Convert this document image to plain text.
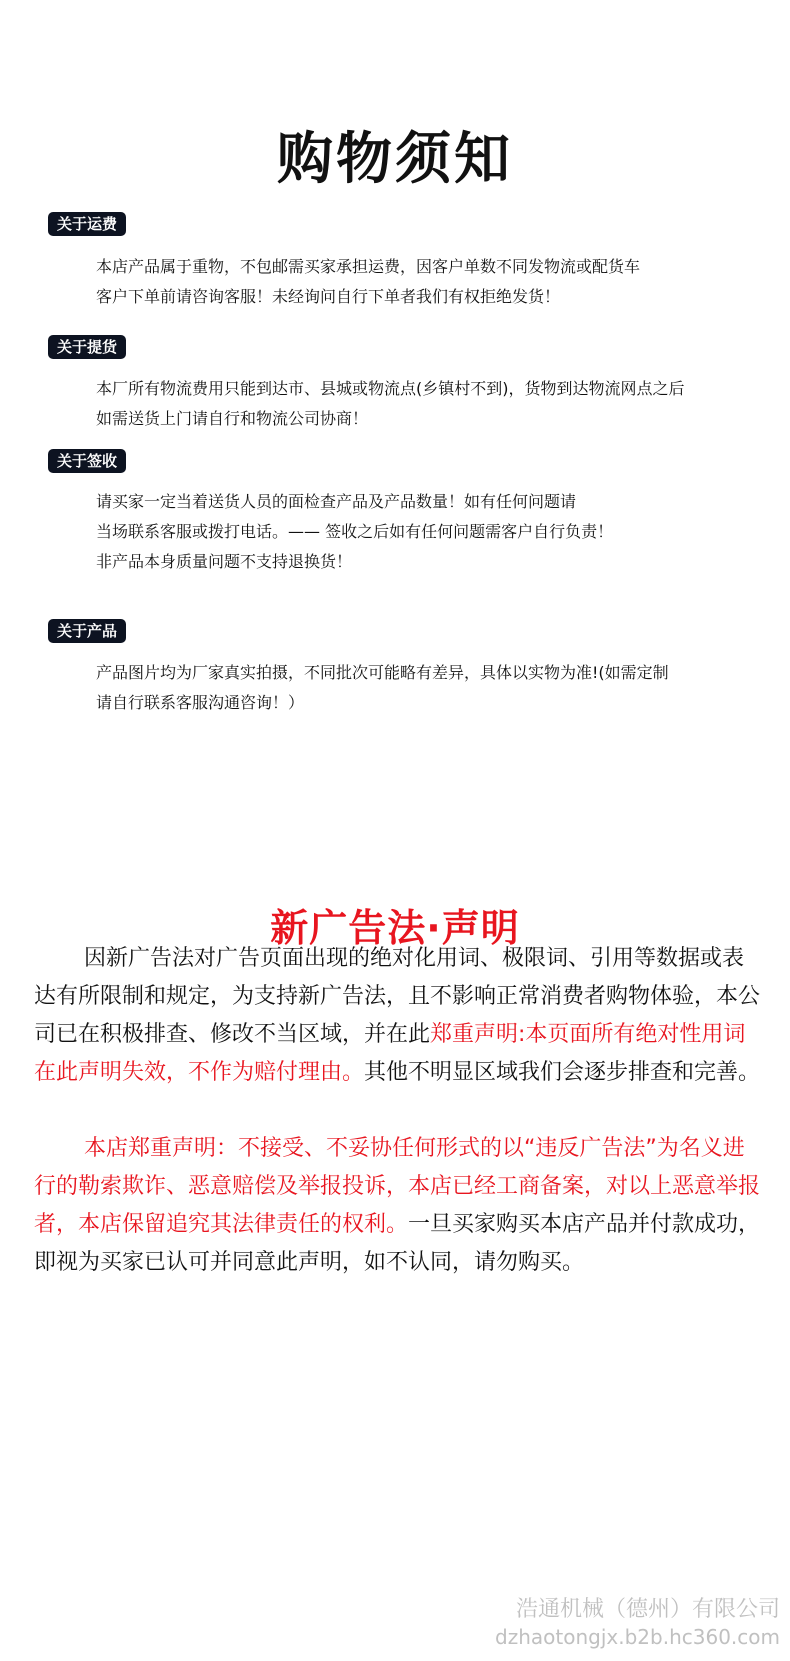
购物须知
关于运费
本店产品属于重物，不包邮需买家承担运费，因客户单数不同发物流或配货车
客户下单前请咨询客服！未经询问自行下单者我们有权拒绝发货！
关于提货
本厂所有物流费用只能到达市、县城或物流点(乡镇村不到)，货物到达物流网点之后
如需送货上门请自行和物流公司协商！
关于签收
请买家一定当着送货人员的面检查产品及产品数量！如有任何问题请
当场联系客服或拨打电话。—— 签收之后如有任何问题需客户自行负责！
非产品本身质量问题不支持退换货！
关于产品
产品图片均为厂家真实拍摄，不同批次可能略有差异，具体以实物为准!(如需定制
请自行联系客服沟通咨询！）
新广告法·声明

因新广告法对广告页面出现的绝对化用词、极限词、引用等数据或表达有所限制和规定，为支持新广告法，且不影响正常消费者购物体验，本公司已在积极排查、修改不当区域，并在此郑重声明:本页面所有绝对性用词在此声明失效，不作为赔付理由。其他不明显区域我们会逐步排查和完善。

本店郑重声明：不接受、不妥协任何形式的以“违反广告法”为名义进行的勒索欺诈、恶意赔偿及举报投诉，本店已经工商备案，对以上恶意举报者，本店保留追究其法律责任的权利。一旦买家购买本店产品并付款成功，即视为买家已认可并同意此声明，如不认同，请勿购买。

浩通机械（德州）有限公司
dzhaotongjx.b2b.hc360.com
